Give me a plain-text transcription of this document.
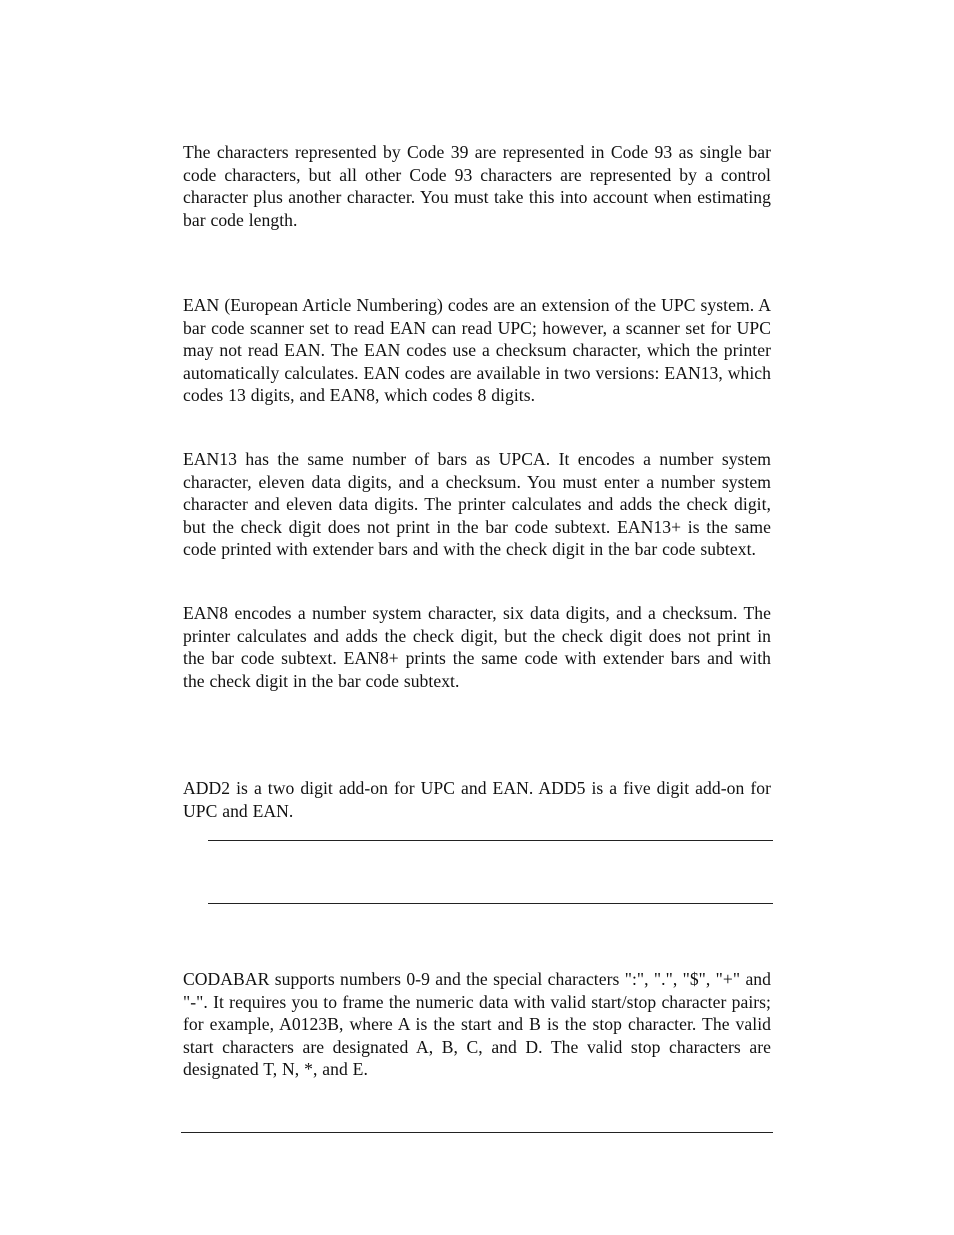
The characters represented by Code 39 are represented in Code 93 as single bar code characters, but all other Code 93 characters are represented by a control character plus another character. You must take this into account when estimating bar code length.

EAN (European Article Numbering) codes are an extension of the UPC system. A bar code scanner set to read EAN can read UPC; however, a scanner set for UPC may not read EAN. The EAN codes use a checksum character, which the printer automatically calculates. EAN codes are available in two versions: EAN13, which codes 13 digits, and EAN8, which codes 8 digits.

EAN13 has the same number of bars as UPCA. It encodes a number system character, eleven data digits, and a checksum. You must enter a number system character and eleven data digits. The printer calculates and adds the check digit, but the check digit does not print in the bar code subtext. EAN13+ is the same code printed with extender bars and with the check digit in the bar code subtext.

EAN8 encodes a number system character, six data digits, and a checksum. The printer calculates and adds the check digit, but the check digit does not print in the bar code subtext. EAN8+ prints the same code with extender bars and with the check digit in the bar code subtext.

ADD2 is a two digit add-on for UPC and EAN. ADD5 is a five digit add-on for UPC and EAN.

CODABAR supports numbers 0-9 and the special characters ":", ".", "$", "+" and "-". It requires you to frame the numeric data with valid start/stop character pairs; for example, A0123B, where A is the start and B is the stop character. The valid start characters are designated A, B, C, and D. The valid stop characters are designated T, N, *, and E.
